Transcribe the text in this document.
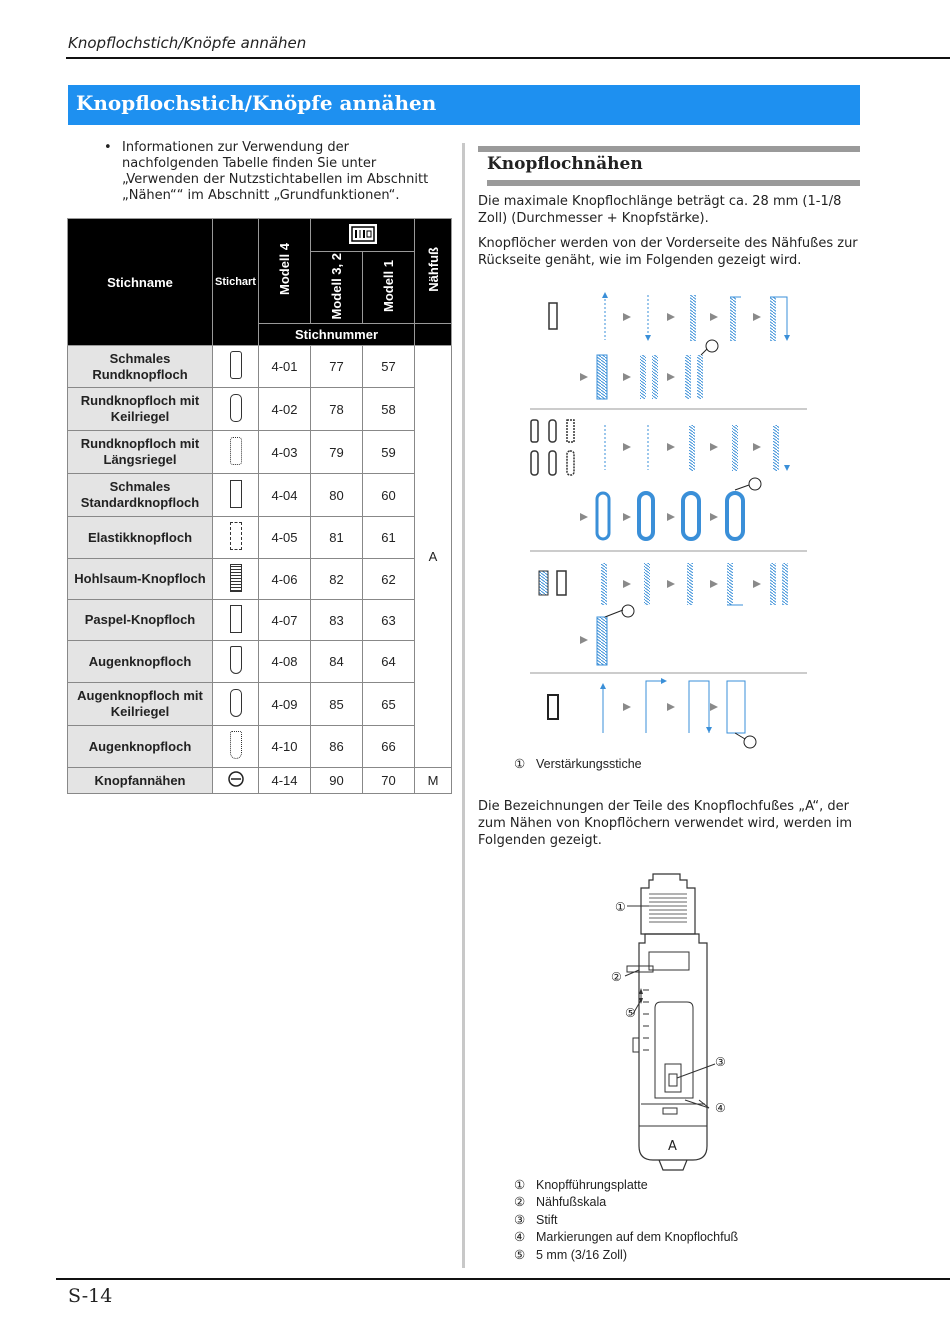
Knopflochstich/Knöpfe annähen
Knopflochstich/Knöpfe annähen
• Informationen zur Verwendung der nachfolgenden Tabelle finden Sie unter „Verwenden der Nutzstichtabellen im Abschnitt „Nähen““ im Abschnitt „Grundfunktionen“.
Stichname	Stichart	Modell 4			Nähfuß
			Modell 3, 2	Modell 1	
		Stichnummer			
Schmales Rundknopfloch		4-01	77	57	A
Rundknopfloch mit Keilriegel		4-02	78	58	
Rundknopfloch mit Längsriegel		4-03	79	59	
Schmales Standardknopfloch		4-04	80	60	
Elastikknopfloch		4-05	81	61	
Hohlsaum-Knopfloch		4-06	82	62	
Paspel-Knopfloch		4-07	83	63	
Augenknopfloch		4-08	84	64	
Augenknopfloch mit Keilriegel		4-09	85	65	
Augenknopfloch		4-10	86	66	
Knopfannähen		4-14	90	70	M
Knopflochnähen
Die maximale Knopflochlänge beträgt ca. 28 mm (1-1/8 Zoll) (Durchmesser + Knopfstärke).
Knopflöcher werden von der Vorderseite des Nähfußes zur Rückseite genäht, wie im Folgenden gezeigt wird.
① Verstärkungsstiche
Die Bezeichnungen der Teile des Knopflochfußes „A“, der zum Nähen von Knopflöchern verwendet wird, werden im Folgenden gezeigt.
①
②
⑤
③
④
A
① Knopfführungsplatte
② Nähfußskala
③ Stift
④ Markierungen auf dem Knopflochfuß
⑤ 5 mm (3/16 Zoll)
S-14
